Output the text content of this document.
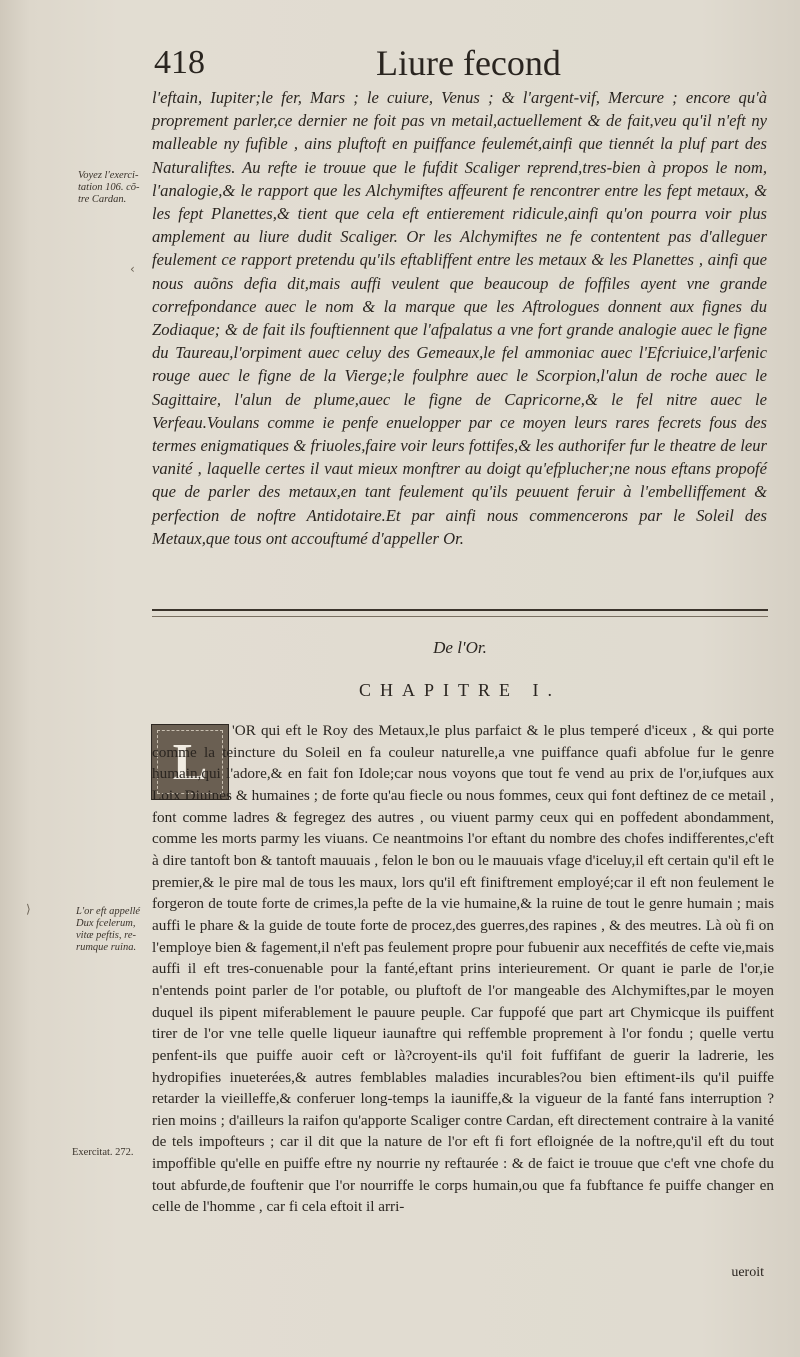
418	Liure fecond
Voyez l'exerci-tation 106. cõ-tre Cardan.
‹

l'eftain, Iupiter;le fer, Mars ; le cuiure, Venus ; & l'argent-vif, Mercure ; encore qu'à proprement parler,ce dernier ne foit pas vn metail,actuellement & de fait,veu qu'il n'eft ny malleable ny fufible , ains pluftoft en puiffance feulemét,ainfi que tiennét la pluf part des Naturaliftes. Au refte ie trouue que le fufdit Scaliger reprend,tres-bien à propos le nom, l'analogie,& le rapport que les Alchymiftes affeurent fe rencontrer entre les fept metaux, & les fept Planettes,& tient que cela eft entierement ridicule,ainfi qu'on pourra voir plus amplement au liure dudit Scaliger. Or les Alchymiftes ne fe contentent pas d'alleguer feulement ce rapport pretendu qu'ils eftabliffent entre les metaux & les Planettes , ainfi que nous auõns defia dit,mais auffi veulent que beaucoup de foffiles ayent vne grande correfpondance auec le nom & la marque que les Aftrologues donnent aux fignes du Zodiaque; & de fait ils fouftiennent que l'afpalatus a vne fort grande analogie auec le figne du Taureau,l'orpiment auec celuy des Gemeaux,le fel ammoniac auec l'Efcriuice,l'arfenic rouge auec le figne de la Vierge;le foulphre auec le Scorpion,l'alun de roche auec le Sagittaire, l'alun de plume,auec le figne de Capricorne,& le fel nitre auec le Verfeau.Voulans comme ie penfe enuelopper par ce moyen leurs rares fecrets fous des termes enigmatiques & friuoles,faire voir leurs fottifes,& les authorifer fur le theatre de leur vanité , laquelle certes il vaut mieux monftrer au doigt qu'efplucher;ne nous eftans propofé que de parler des metaux,en tant feulement qu'ils peuuent feruir à l'embelliffement & perfection de noftre Antidotaire.Et par ainfi nous commencerons par le Soleil des Metaux,que tous ont accouftumé d'appeller Or.

De l'Or.
CHAPITRE I.
L

'OR qui eft le Roy des Metaux,le plus parfaict & le plus temperé d'iceux , & qui porte comme la teincture du Soleil en fa couleur naturelle,a vne puiffance quafi abfolue fur le genre humain,qui l'adore,& en fait fon Idole;car nous voyons que tout fe vend au prix de l'or,iufques aux Loix Diuines & humaines ; de forte qu'au fiecle ou nous fommes, ceux qui font deftinez de ce metail , font comme ladres & fegregez des autres , ou viuent parmy ceux qui en poffedent abondamment, comme les morts parmy les viuans. Ce neantmoins l'or eftant du nombre des chofes indifferentes,c'eft à dire tantoft bon & tantoft mauuais , felon le bon ou le mauuais vfage d'iceluy,il eft certain qu'il eft le premier,& le pire mal de tous les maux, lors qu'il eft finiftrement employé;car il eft non feulement le forgeron de toute forte de crimes,la pefte de la vie humaine,& la ruine de tout le genre humain ; mais auffi le phare & la guide de toute forte de procez,des guerres,des rapines , & des meutres. Là où fi on l'employe bien & fagement,il n'eft pas feulement propre pour fubuenir aux neceffités de cefte vie,mais auffi il eft tres-conuenable pour la fanté,eftant prins interieurement. Or quant ie parle de l'or,ie n'entends point parler de l'or potable, ou pluftoft de l'or mangeable des Alchymiftes,par le moyen duquel ils pipent miferablement le pauure peuple. Car fuppofé que part art Chymicque ils puiffent tirer de l'or vne telle quelle liqueur iaunaftre qui reffemble proprement à l'or fondu ; quelle vertu penfent-ils que puiffe auoir ceft or là?croyent-ils qu'il foit fuffifant de guerir la ladrerie, les hydropifies inueterées,& autres femblables maladies incurables?ou bien eftiment-ils qu'il puiffe retarder la vieilleffe,& conferuer long-temps la iauniffe,& la vigueur de la fanté fans interruption ? rien moins ; d'ailleurs la raifon qu'apporte Scaliger contre Cardan, eft directement contraire à la vanité de tels impofteurs ; car il dit que la nature de l'or eft fi fort efloignée de la noftre,qu'il eft du tout impoffible qu'elle en puiffe eftre ny nourrie ny reftaurée : & de faict ie trouue que c'eft vne chofe du tout abfurde,de fouftenir que l'or nourriffe le corps humain,ou que fa fubftance fe puiffe changer en celle de l'homme , car fi cela eftoit il arri-

⟩	L'or eft appellé Dux fcelerum, vitæ peftis, re-rumque ruina.
Exercitat. 272.
ueroit
